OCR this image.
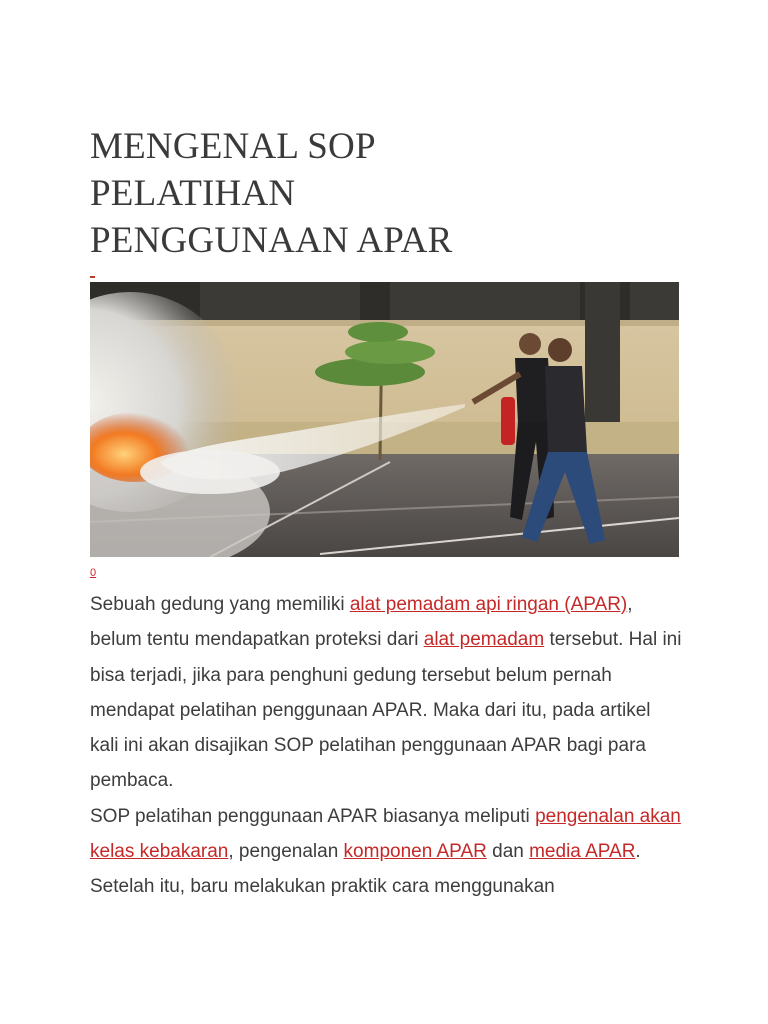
MENGENAL SOP
PELATIHAN
PENGGUNAAN APAR
0

Sebuah gedung yang memiliki alat pemadam api ringan (APAR), belum tentu mendapatkan proteksi dari alat pemadam tersebut. Hal ini bisa terjadi, jika para penghuni gedung tersebut belum pernah mendapat pelatihan penggunaan APAR. Maka dari itu, pada artikel kali ini akan disajikan SOP pelatihan penggunaan APAR bagi para pembaca.

SOP pelatihan penggunaan APAR biasanya meliputi pengenalan akan kelas kebakaran, pengenalan komponen APAR dan media APAR. Setelah itu, baru melakukan praktik cara menggunakan
